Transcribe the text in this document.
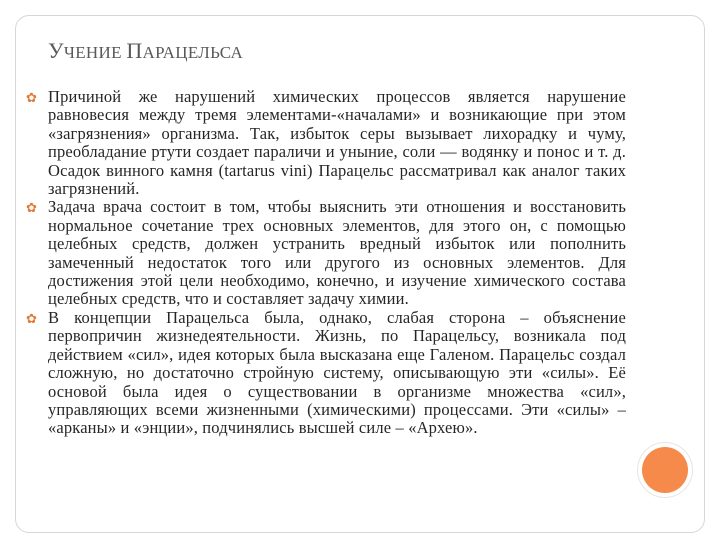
УЧЕНИЕ ПАРАЦЕЛЬСА
✿ Причиной же нарушений химических процессов является нарушение равновесия между тремя элементами-«началами» и возникающие при этом «загрязнения» организма. Так, избыток серы вызывает лихорадку и чуму, преобладание ртути создает параличи и уныние, соли — водянку и понос и т. д. Осадок винного камня (tartarus vini) Парацельс рассматривал как аналог таких загрязнений.

✿ Задача врача состоит в том, чтобы выяснить эти отношения и восстановить нормальное сочетание трех основных элементов, для этого он, с помощью целебных средств, должен устранить вредный избыток или пополнить замеченный недостаток того или другого из основных элементов. Для достижения этой цели необходимо, конечно, и изучение химического состава целебных средств, что и составляет задачу химии.

✿ В концепции Парацельса была, однако, слабая сторона – объяснение первопричин жизнедеятельности. Жизнь, по Парацельсу, возникала под действием «сил», идея которых была высказана еще Галеном. Парацельс создал сложную, но достаточно стройную систему, описывающую эти «силы». Её основой была идея о существовании в организме множества «сил», управляющих всеми жизненными (химическими) процессами. Эти «силы» – «арканы» и «энции», подчинялись высшей силе – «Архею».
